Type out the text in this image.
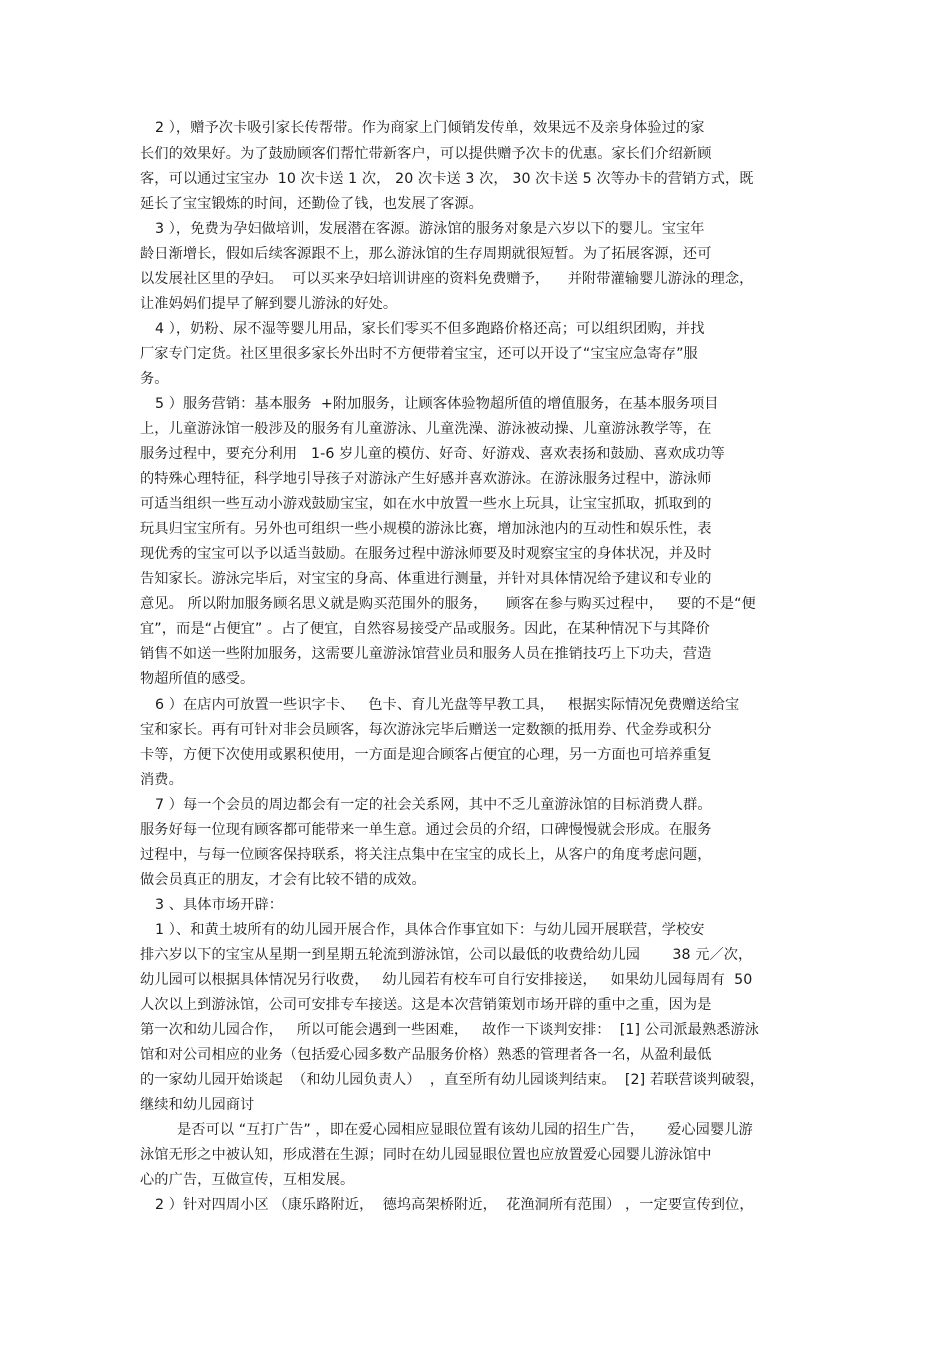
2 ），赠予次卡吸引家长传帮带。作为商家上门倾销发传单，效果远不及亲身体验过的家
长们的效果好。为了鼓励顾客们帮忙带新客户，可以提供赠予次卡的优惠。家长们介绍新顾
客，可以通过宝宝办  10 次卡送 1 次， 20 次卡送 3 次， 30 次卡送 5 次等办卡的营销方式，既
延长了宝宝锻炼的时间，还勤俭了钱，也发展了客源。
3 ），免费为孕妇做培训，发展潜在客源。游泳馆的服务对象是六岁以下的婴儿。宝宝年
龄日渐增长，假如后续客源跟不上，那么游泳馆的生存周期就很短暂。为了拓展客源，还可
以发展社区里的孕妇。  可以买来孕妇培训讲座的资料免费赠予，    并附带灌输婴儿游泳的理念，
让准妈妈们提早了解到婴儿游泳的好处。
4 ），奶粉、尿不湿等婴儿用品，家长们零买不但多跑路价格还高；可以组织团购，并找
厂家专门定货。社区里很多家长外出时不方便带着宝宝，还可以开设了“宝宝应急寄存”服
务。
5 ）服务营销：基本服务  +附加服务，让顾客体验物超所值的增值服务，在基本服务项目
上，儿童游泳馆一般涉及的服务有儿童游泳、儿童洗澡、游泳被动操、儿童游泳教学等，在
服务过程中，要充分利用   1-6 岁儿童的模仿、好奇、好游戏、喜欢表扬和鼓励、喜欢成功等
的特殊心理特征，科学地引导孩子对游泳产生好感并喜欢游泳。在游泳服务过程中，游泳师
可适当组织一些互动小游戏鼓励宝宝，如在水中放置一些水上玩具，让宝宝抓取，抓取到的
玩具归宝宝所有。另外也可组织一些小规模的游泳比赛，增加泳池内的互动性和娱乐性，表
现优秀的宝宝可以予以适当鼓励。在服务过程中游泳师要及时观察宝宝的身体状况，并及时
告知家长。游泳完毕后，对宝宝的身高、体重进行测量，并针对具体情况给予建议和专业的
意见。 所以附加服务顾名思义就是购买范围外的服务，    顾客在参与购买过程中，   要的不是“便
宜”，而是“占便宜” 。占了便宜，自然容易接受产品或服务。因此，在某种情况下与其降价
销售不如送一些附加服务，这需要儿童游泳馆营业员和服务人员在推销技巧上下功夫，营造
物超所值的感受。
6 ）在店内可放置一些识字卡、   色卡、育儿光盘等早教工具，   根据实际情况免费赠送给宝
宝和家长。再有可针对非会员顾客，每次游泳完毕后赠送一定数额的抵用券、代金券或积分
卡等，方便下次使用或累积使用，一方面是迎合顾客占便宜的心理，另一方面也可培养重复
消费。
7 ）每一个会员的周边都会有一定的社会关系网，其中不乏儿童游泳馆的目标消费人群。
服务好每一位现有顾客都可能带来一单生意。通过会员的介绍，口碑慢慢就会形成。在服务
过程中，与每一位顾客保持联系，将关注点集中在宝宝的成长上，从客户的角度考虑问题，
做会员真正的朋友，才会有比较不错的成效。
3 、具体市场开辟：
1 ）、和黄土坡所有的幼儿园开展合作，具体合作事宜如下：与幼儿园开展联营，学校安
排六岁以下的宝宝从星期一到星期五轮流到游泳馆，公司以最低的收费给幼儿园       38 元／次，
幼儿园可以根据具体情况另行收费，   幼儿园若有校车可自行安排接送，   如果幼儿园每周有  50
人次以上到游泳馆，公司可安排专车接送。这是本次营销策划市场开辟的重中之重，因为是
第一次和幼儿园合作，   所以可能会遇到一些困难，   故作一下谈判安排：  [1] 公司派最熟悉游泳
馆和对公司相应的业务（包括爱心园多数产品服务价格）熟悉的管理者各一名，从盈利最低
的一家幼儿园开始谈起  （和幼儿园负责人）  ，直至所有幼儿园谈判结束。  [2] 若联营谈判破裂，
继续和幼儿园商讨
是否可以 “互打广告” ，即在爱心园相应显眼位置有该幼儿园的招生广告，     爱心园婴儿游
泳馆无形之中被认知，形成潜在生源；同时在幼儿园显眼位置也应放置爱心园婴儿游泳馆中
心的广告，互做宣传，互相发展。
2 ）针对四周小区 （康乐路附近，  德坞高架桥附近，  花渔洞所有范围） ，一定要宣传到位，
